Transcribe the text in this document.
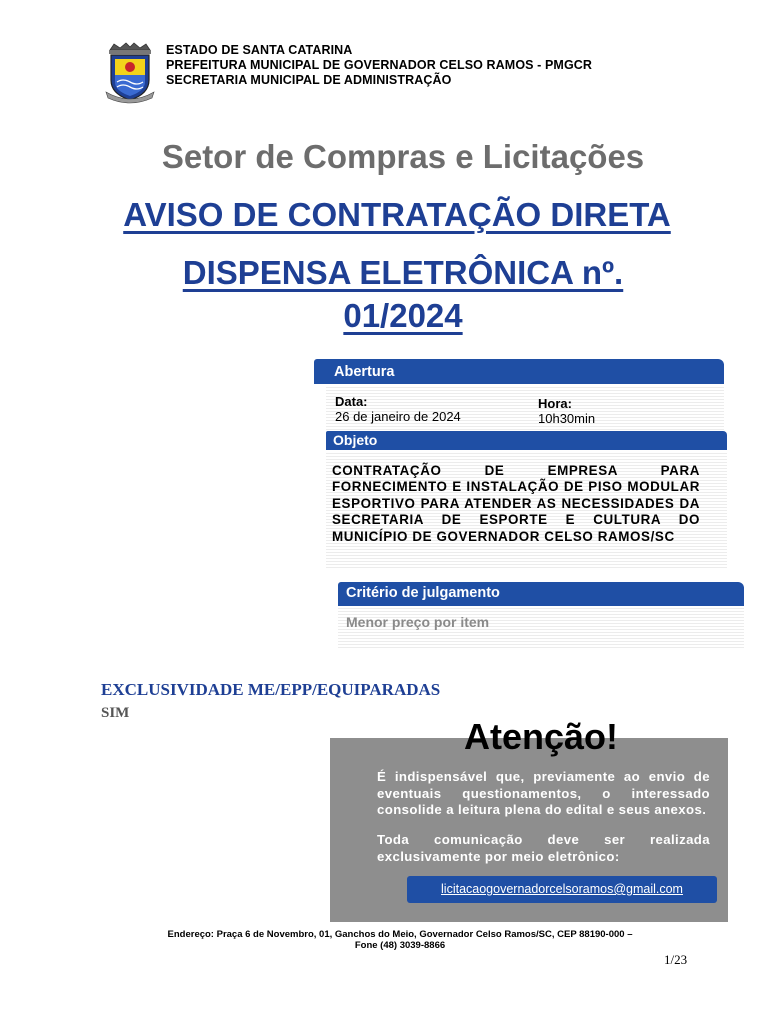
ESTADO DE SANTA CATARINA
PREFEITURA MUNICIPAL DE GOVERNADOR CELSO RAMOS - PMGCR
SECRETARIA MUNICIPAL DE ADMINISTRAÇÃO
Setor de Compras e Licitações
AVISO DE CONTRATAÇÃO DIRETA
DISPENSA ELETRÔNICA nº.
01/2024
Abertura
Data:
26 de janeiro de 2024
Hora:
10h30min
Objeto
CONTRATAÇÃO DE EMPRESA PARA FORNECIMENTO E INSTALAÇÃO DE PISO MODULAR ESPORTIVO PARA ATENDER AS NECESSIDADES DA SECRETARIA DE ESPORTE E CULTURA DO MUNICÍPIO DE GOVERNADOR CELSO RAMOS/SC
Critério de julgamento
Menor preço por item
EXCLUSIVIDADE ME/EPP/EQUIPARADAS
SIM
Atenção!
É indispensável que, previamente ao envio de eventuais questionamentos, o interessado consolide a leitura plena do edital e seus anexos.
Toda comunicação deve ser realizada exclusivamente por meio eletrônico:
licitacaogovernadorcelsoramos@gmail.com
Endereço: Praça 6 de Novembro, 01, Ganchos do Meio, Governador Celso Ramos/SC, CEP 88190-000 –
Fone (48) 3039-8866
1/23
